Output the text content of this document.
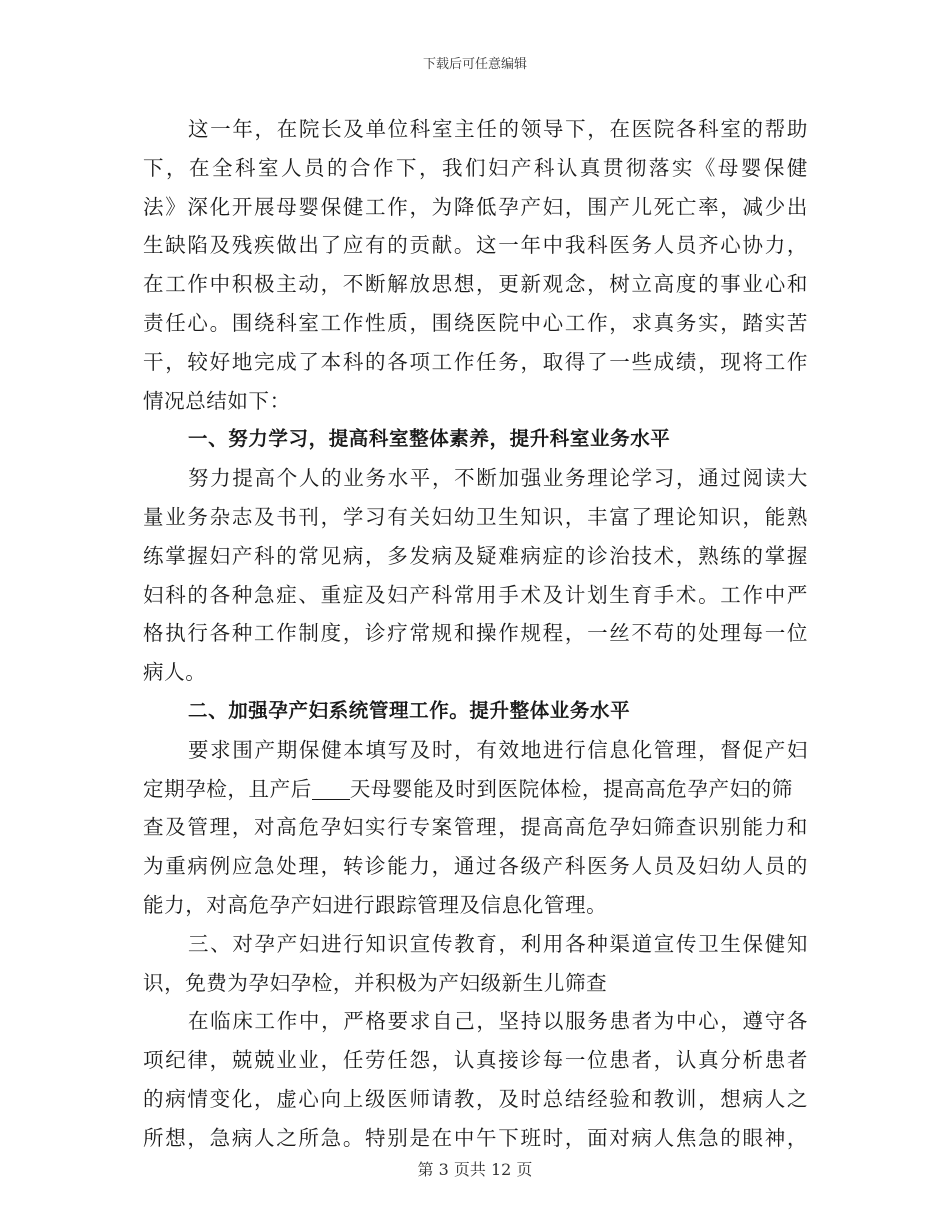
下载后可任意编辑
这一年，在院长及单位科室主任的领导下，在医院各科室的帮助
下，在全科室人员的合作下，我们妇产科认真贯彻落实《母婴保健
法》深化开展母婴保健工作，为降低孕产妇，围产儿死亡率，减少出
生缺陷及残疾做出了应有的贡献。这一年中我科医务人员齐心协力，
在工作中积极主动，不断解放思想，更新观念，树立高度的事业心和
责任心。围绕科室工作性质，围绕医院中心工作，求真务实，踏实苦
干，较好地完成了本科的各项工作任务，取得了一些成绩，现将工作
情况总结如下：
一、努力学习，提高科室整体素养，提升科室业务水平
努力提高个人的业务水平，不断加强业务理论学习，通过阅读大
量业务杂志及书刊，学习有关妇幼卫生知识，丰富了理论知识，能熟
练掌握妇产科的常见病，多发病及疑难病症的诊治技术，熟练的掌握
妇科的各种急症、重症及妇产科常用手术及计划生育手术。工作中严
格执行各种工作制度，诊疗常规和操作规程，一丝不苟的处理每一位
病人。
二、加强孕产妇系统管理工作。提升整体业务水平
要求围产期保健本填写及时，有效地进行信息化管理，督促产妇
定期孕检，且产后 天母婴能及时到医院体检，提高高危孕产妇的筛
查及管理，对高危孕妇实行专案管理，提高高危孕妇筛查识别能力和
为重病例应急处理，转诊能力，通过各级产科医务人员及妇幼人员的
能力，对高危孕产妇进行跟踪管理及信息化管理。
三、对孕产妇进行知识宣传教育，利用各种渠道宣传卫生保健知
识，免费为孕妇孕检，并积极为产妇级新生儿筛查
在临床工作中，严格要求自己，坚持以服务患者为中心，遵守各
项纪律，兢兢业业，任劳任怨，认真接诊每一位患者，认真分析患者
的病情变化，虚心向上级医师请教，及时总结经验和教训，想病人之
所想，急病人之所急。特别是在中午下班时，面对病人焦急的眼神，
第 3 页共 12 页
